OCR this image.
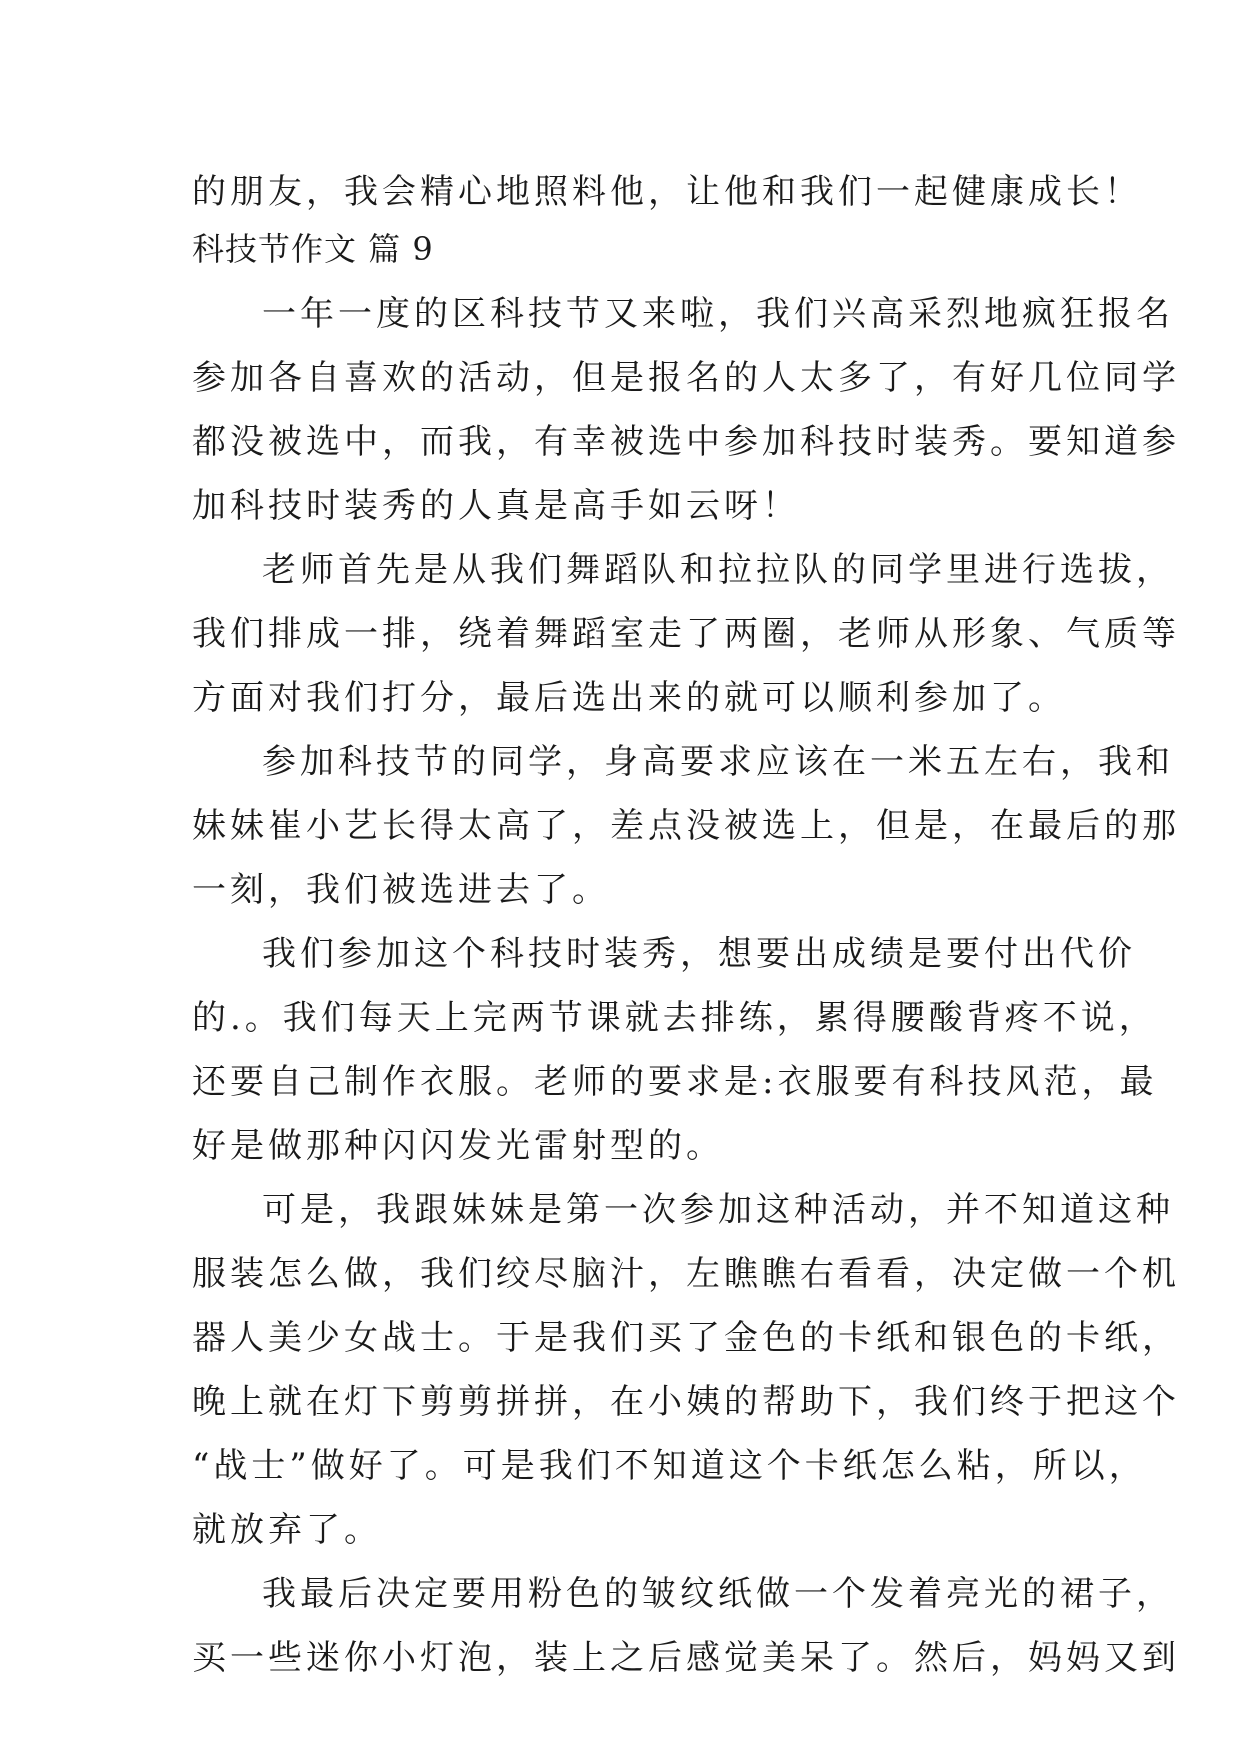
的朋友，我会精心地照料他，让他和我们一起健康成长！
科技节作文 篇 9
一年一度的区科技节又来啦，我们兴高采烈地疯狂报名
参加各自喜欢的活动，但是报名的人太多了，有好几位同学
都没被选中，而我，有幸被选中参加科技时装秀。要知道参
加科技时装秀的人真是高手如云呀！
老师首先是从我们舞蹈队和拉拉队的同学里进行选拔，
我们排成一排，绕着舞蹈室走了两圈，老师从形象、气质等
方面对我们打分，最后选出来的就可以顺利参加了。
参加科技节的同学，身高要求应该在一米五左右，我和
妹妹崔小艺长得太高了，差点没被选上，但是，在最后的那
一刻，我们被选进去了。
我们参加这个科技时装秀，想要出成绩是要付出代价
的.。我们每天上完两节课就去排练，累得腰酸背疼不说，
还要自己制作衣服。老师的要求是:衣服要有科技风范，最
好是做那种闪闪发光雷射型的。
可是，我跟妹妹是第一次参加这种活动，并不知道这种
服装怎么做，我们绞尽脑汁，左瞧瞧右看看，决定做一个机
器人美少女战士。于是我们买了金色的卡纸和银色的卡纸，
晚上就在灯下剪剪拼拼，在小姨的帮助下，我们终于把这个
“战士”做好了。可是我们不知道这个卡纸怎么粘，所以，
就放弃了。
我最后决定要用粉色的皱纹纸做一个发着亮光的裙子，
买一些迷你小灯泡，装上之后感觉美呆了。然后，妈妈又到
